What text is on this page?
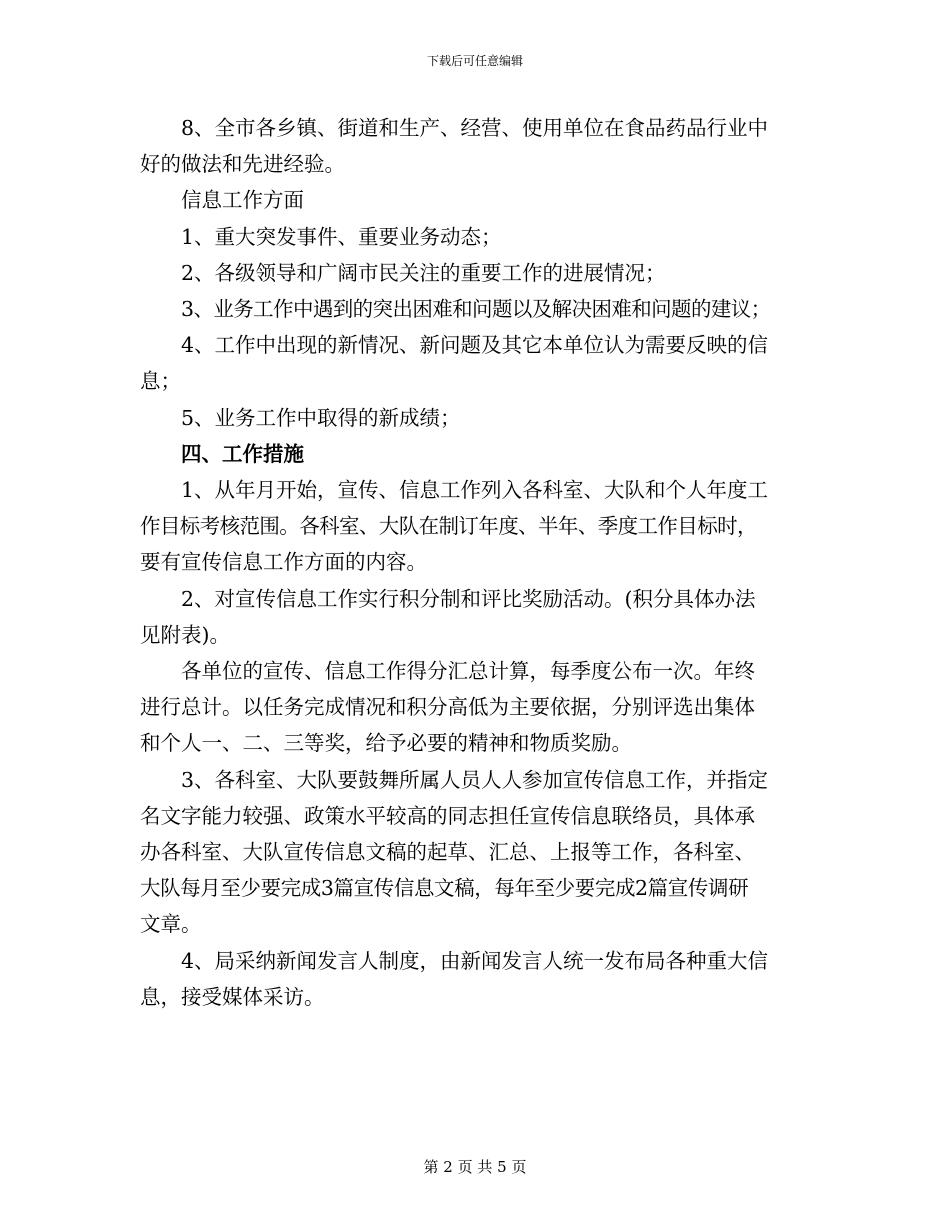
下载后可任意编辑
8、全市各乡镇、街道和生产、经营、使用单位在食品药品行业中
好的做法和先进经验。
信息工作方面
1、重大突发事件、重要业务动态；
2、各级领导和广阔市民关注的重要工作的进展情况；
3、业务工作中遇到的突出困难和问题以及解决困难和问题的建议；
4、工作中出现的新情况、新问题及其它本单位认为需要反映的信
息；
5、业务工作中取得的新成绩；
四、工作措施
1、从年月开始，宣传、信息工作列入各科室、大队和个人年度工
作目标考核范围。各科室、大队在制订年度、半年、季度工作目标时，
要有宣传信息工作方面的内容。
2、对宣传信息工作实行积分制和评比奖励活动。(积分具体办法
见附表)。
各单位的宣传、信息工作得分汇总计算，每季度公布一次。年终
进行总计。以任务完成情况和积分高低为主要依据，分别评选出集体
和个人一、二、三等奖，给予必要的精神和物质奖励。
3、各科室、大队要鼓舞所属人员人人参加宣传信息工作，并指定
名文字能力较强、政策水平较高的同志担任宣传信息联络员，具体承
办各科室、大队宣传信息文稿的起草、汇总、上报等工作，各科室、
大队每月至少要完成3篇宣传信息文稿，每年至少要完成2篇宣传调研
文章。
4、局采纳新闻发言人制度，由新闻发言人统一发布局各种重大信
息，接受媒体采访。
第 2 页 共 5 页
